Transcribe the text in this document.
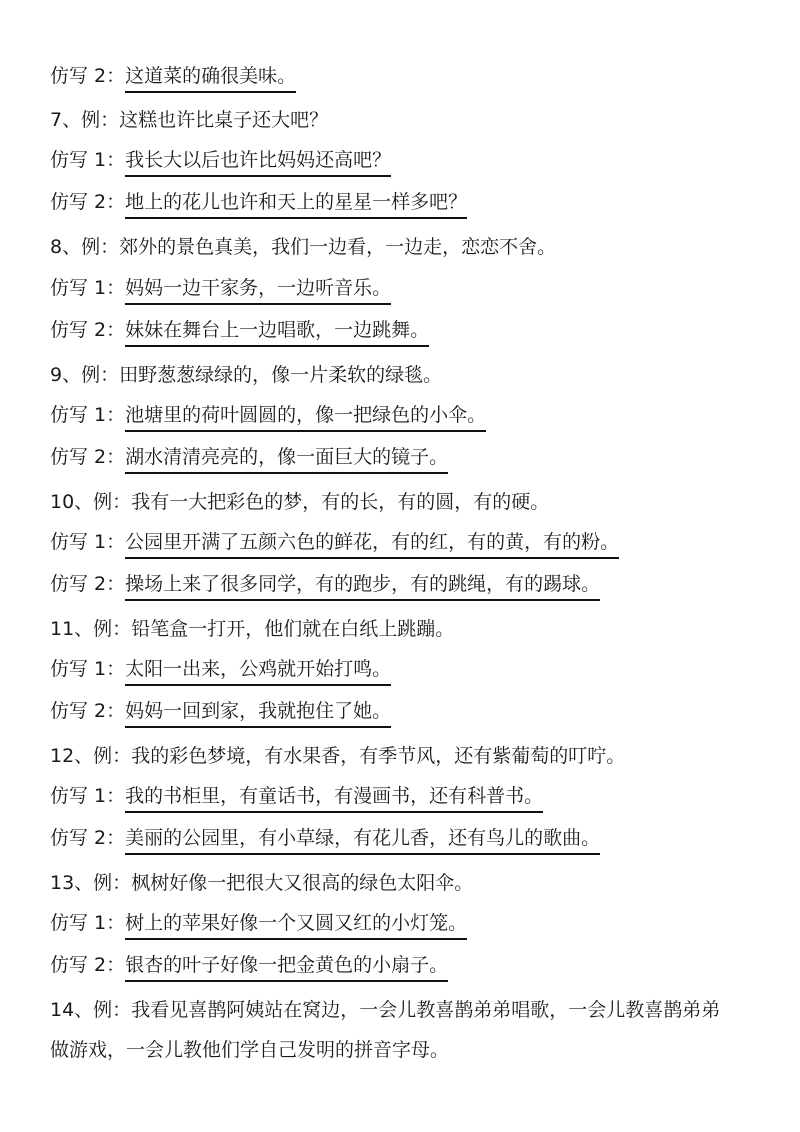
仿写 2：这道菜的确很美味。
7、例：这糕也许比桌子还大吧？
仿写 1：我长大以后也许比妈妈还高吧？
仿写 2：地上的花儿也许和天上的星星一样多吧？
8、例：郊外的景色真美，我们一边看，一边走，恋恋不舍。
仿写 1：妈妈一边干家务，一边听音乐。
仿写 2：妹妹在舞台上一边唱歌，一边跳舞。
9、例：田野葱葱绿绿的，像一片柔软的绿毯。
仿写 1：池塘里的荷叶圆圆的，像一把绿色的小伞。
仿写 2：湖水清清亮亮的，像一面巨大的镜子。
10、例：我有一大把彩色的梦，有的长，有的圆，有的硬。
仿写 1：公园里开满了五颜六色的鲜花，有的红，有的黄，有的粉。
仿写 2：操场上来了很多同学，有的跑步，有的跳绳，有的踢球。
11、例：铅笔盒一打开，他们就在白纸上跳蹦。
仿写 1：太阳一出来，公鸡就开始打鸣。
仿写 2：妈妈一回到家，我就抱住了她。
12、例：我的彩色梦境，有水果香，有季节风，还有紫葡萄的叮咛。
仿写 1：我的书柜里，有童话书，有漫画书，还有科普书。
仿写 2：美丽的公园里，有小草绿，有花儿香，还有鸟儿的歌曲。
13、例：枫树好像一把很大又很高的绿色太阳伞。
仿写 1：树上的苹果好像一个又圆又红的小灯笼。
仿写 2：银杏的叶子好像一把金黄色的小扇子。
14、例：我看见喜鹊阿姨站在窝边，一会儿教喜鹊弟弟唱歌，一会儿教喜鹊弟弟
做游戏，一会儿教他们学自己发明的拼音字母。
